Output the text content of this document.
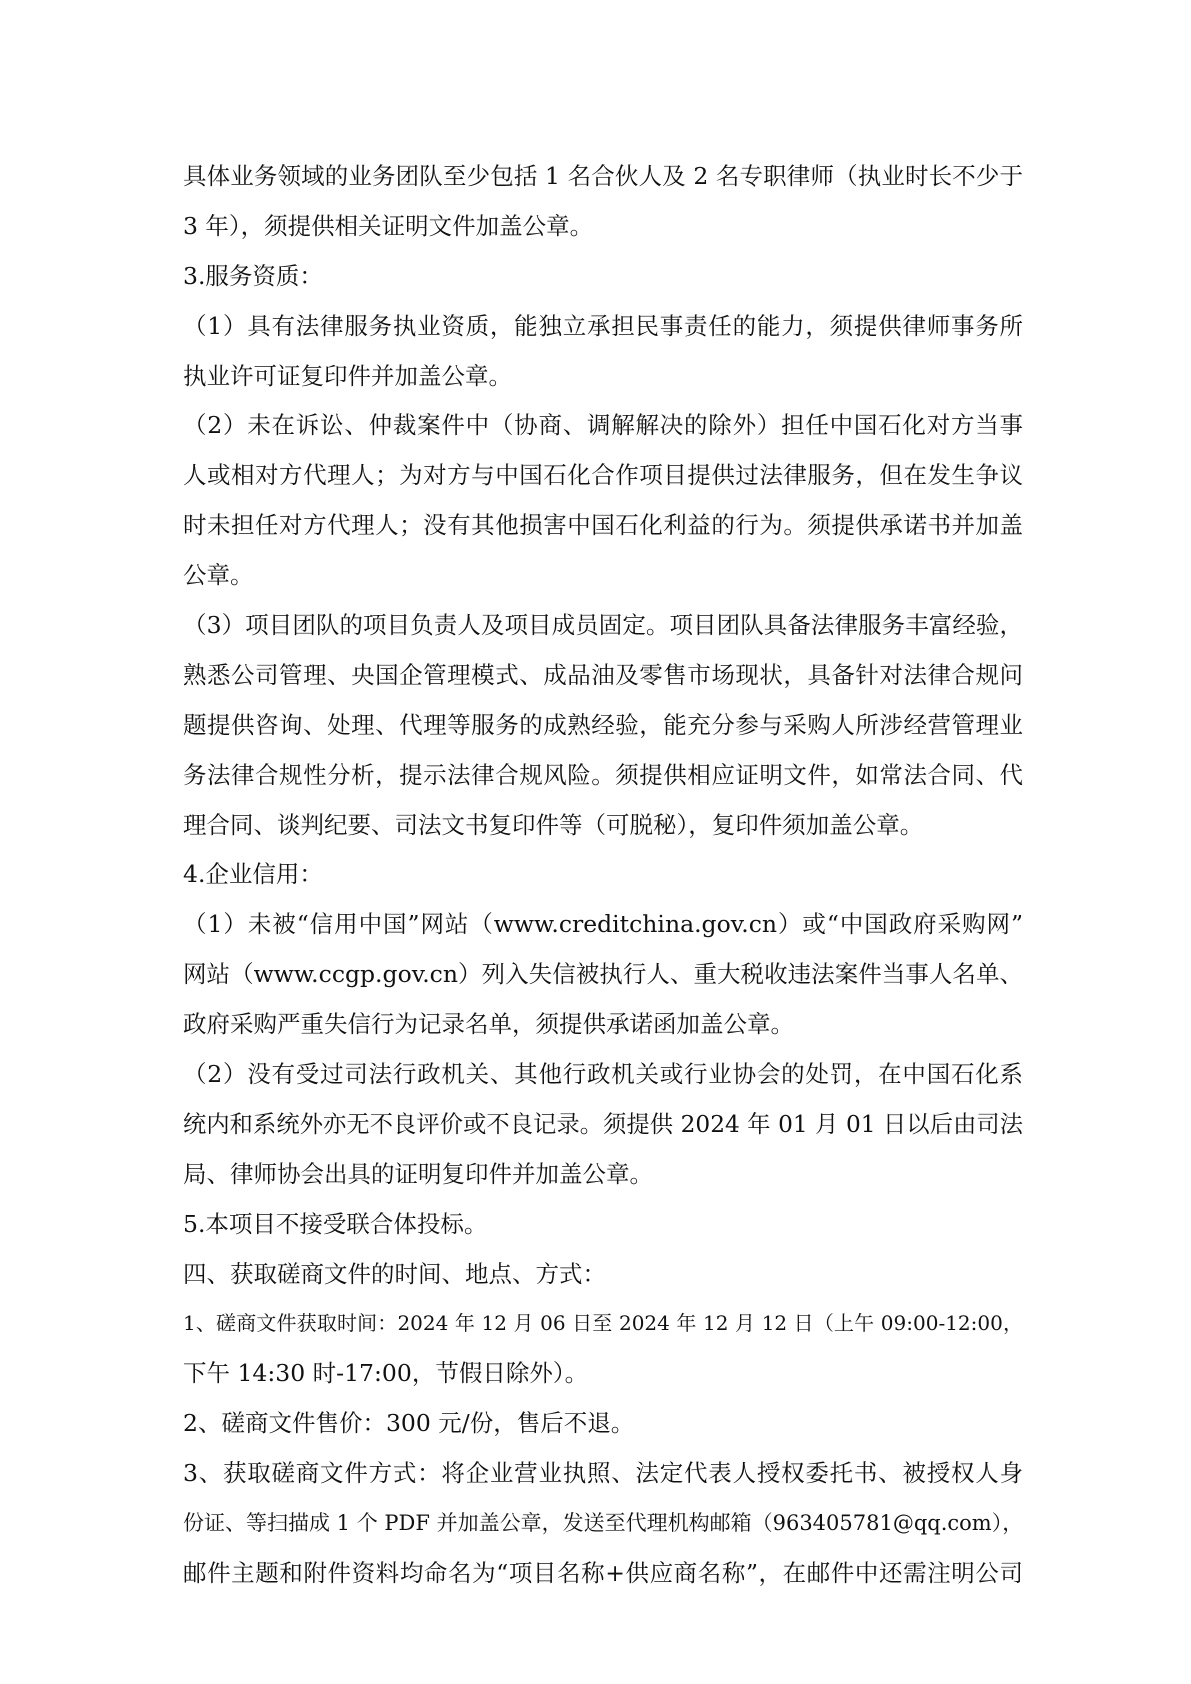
具体业务领域的业务团队至少包括 1 名合伙人及 2 名专职律师（执业时长不少于
3 年），须提供相关证明文件加盖公章。
3.服务资质：
（1）具有法律服务执业资质，能独立承担民事责任的能力，须提供律师事务所
执业许可证复印件并加盖公章。
（2）未在诉讼、仲裁案件中（协商、调解解决的除外）担任中国石化对方当事
人或相对方代理人；为对方与中国石化合作项目提供过法律服务，但在发生争议
时未担任对方代理人；没有其他损害中国石化利益的行为。须提供承诺书并加盖
公章。
（3）项目团队的项目负责人及项目成员固定。项目团队具备法律服务丰富经验，
熟悉公司管理、央国企管理模式、成品油及零售市场现状，具备针对法律合规问
题提供咨询、处理、代理等服务的成熟经验，能充分参与采购人所涉经营管理业
务法律合规性分析，提示法律合规风险。须提供相应证明文件，如常法合同、代
理合同、谈判纪要、司法文书复印件等（可脱秘），复印件须加盖公章。
4.企业信用：
（1）未被“信用中国”网站（www.creditchina.gov.cn）或“中国政府采购网”
网站（www.ccgp.gov.cn）列入失信被执行人、重大税收违法案件当事人名单、
政府采购严重失信行为记录名单，须提供承诺函加盖公章。
（2）没有受过司法行政机关、其他行政机关或行业协会的处罚，在中国石化系
统内和系统外亦无不良评价或不良记录。须提供 2024 年 01 月 01 日以后由司法
局、律师协会出具的证明复印件并加盖公章。
5.本项目不接受联合体投标。
四、获取磋商文件的时间、地点、方式：
1、磋商文件获取时间：2024 年 12 月 06 日至 2024 年 12 月 12 日（上午 09:00-12:00，
下午 14:30 时-17:00，节假日除外）。
2、磋商文件售价：300 元/份，售后不退。
3、获取磋商文件方式：将企业营业执照、法定代表人授权委托书、被授权人身
份证、等扫描成 1 个 PDF 并加盖公章，发送至代理机构邮箱（963405781@qq.com），
邮件主题和附件资料均命名为“项目名称+供应商名称”，在邮件中还需注明公司
